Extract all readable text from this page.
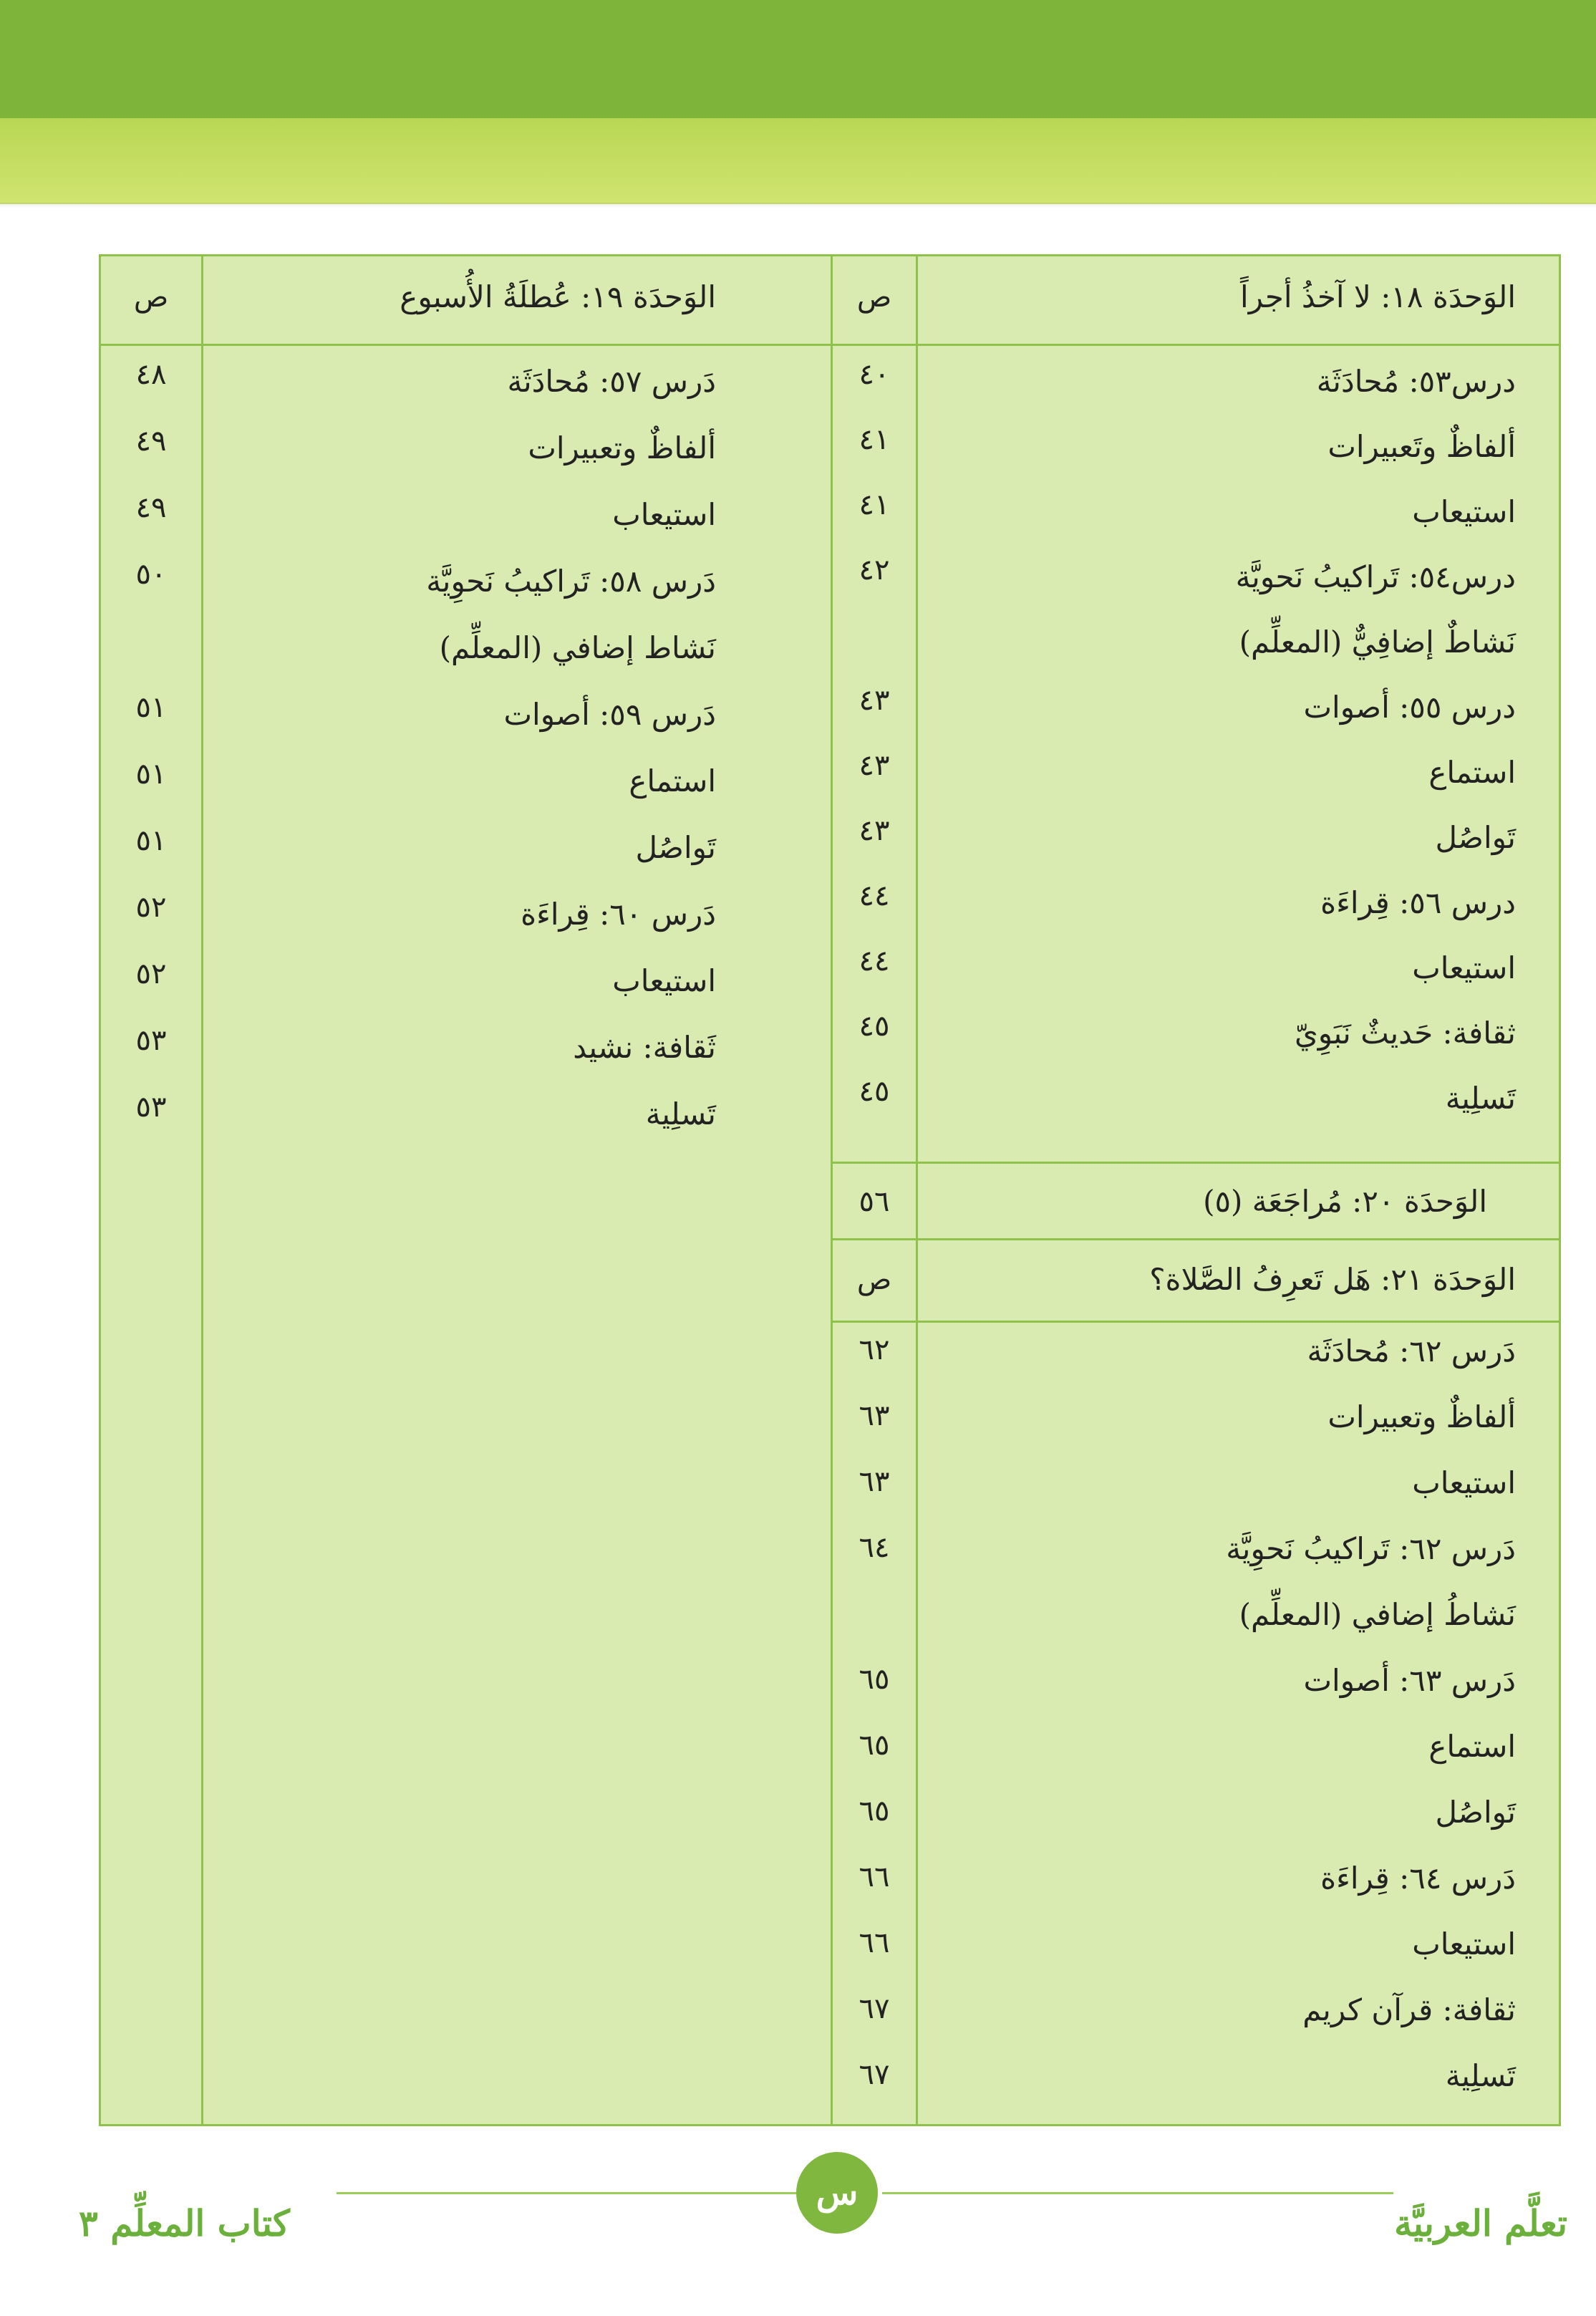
الوَحدَة ١٨: لا آخذُ أجراً
ص
درس٥٣: مُحادَثَة
٤٠
ألفاظٌ وتَعبيرات
٤١
استيعاب
٤١
درس٥٤: تَراكيبُ نَحويَّة
٤٢
نَشاطٌ إضافِيٌّ (المعلِّم)
درس ٥٥: أصوات
٤٣
استماع
٤٣
تَواصُل
٤٣
درس ٥٦: قِراءَة
٤٤
استيعاب
٤٤
ثقافة: حَديثٌ نَبَوِيّ
٤٥
تَسلِية
٤٥
الوَحدَة ٢٠: مُراجَعَة (٥)
٥٦
الوَحدَة ٢١: هَل تَعرِفُ الصَّلاة؟
ص
دَرس ٦٢: مُحادَثَة
٦٢
ألفاظٌ وتعبيرات
٦٣
استيعاب
٦٣
دَرس ٦٢: تَراكيبُ نَحوِيَّة
٦٤
نَشاطُ إضافي (المعلِّم)
دَرس ٦٣: أصوات
٦٥
استماع
٦٥
تَواصُل
٦٥
دَرس ٦٤: قِراءَة
٦٦
استيعاب
٦٦
ثقافة: قرآن كريم
٦٧
تَسلِية
٦٧
الوَحدَة ١٩: عُطلَةُ الأُسبوع
ص
دَرس ٥٧: مُحادَثَة
٤٨
ألفاظٌ وتعبيرات
٤٩
استيعاب
٤٩
دَرس ٥٨: تَراكيبُ نَحوِيَّة
٥٠
نَشاط إضافي (المعلِّم)
دَرس ٥٩: أصوات
٥١
استماع
٥١
تَواصُل
٥١
دَرس ٦٠: قِراءَة
٥٢
استيعاب
٥٢
ثَقافة: نشيد
٥٣
تَسلِية
٥٣
س
كتاب المعلِّم ٣	تعلَّم العربيَّة
